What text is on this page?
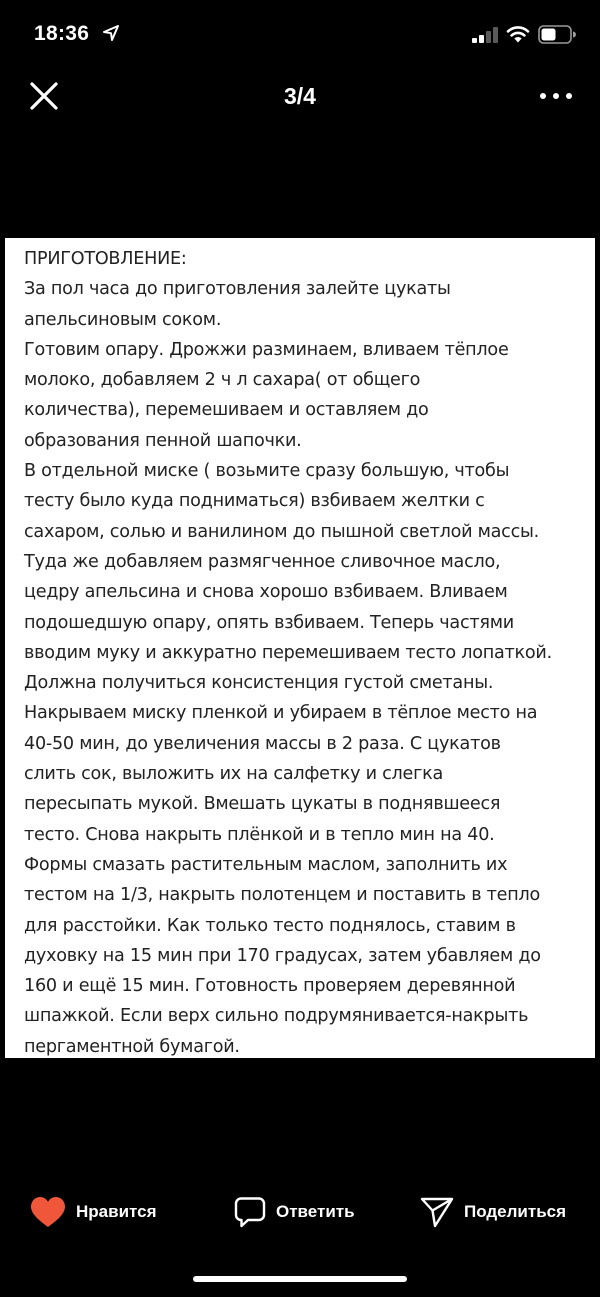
18:36
3/4
ПРИГОТОВЛЕНИЕ:
За пол часа до приготовления залейте цукаты
апельсиновым соком.
Готовим опару. Дрожжи разминаем, вливаем тёплое
молоко, добавляем 2 ч л сахара( от общего
количества), перемешиваем и оставляем до
образования пенной шапочки.
В отдельной миске ( возьмите сразу большую, чтобы
тесту было куда подниматься) взбиваем желтки с
сахаром, солью и ванилином до пышной светлой массы.
Туда же добавляем размягченное сливочное масло,
цедру апельсина и снова хорошо взбиваем. Вливаем
подошедшую опару, опять взбиваем. Теперь частями
вводим муку и аккуратно перемешиваем тесто лопаткой.
Должна получиться консистенция густой сметаны.
Накрываем миску пленкой и убираем в тёплое место на
40-50 мин, до увеличения массы в 2 раза. С цукатов
слить сок, выложить их на салфетку и слегка
пересыпать мукой. Вмешать цукаты в поднявшееся
тесто. Снова накрыть плёнкой и в тепло мин на 40.
Формы смазать растительным маслом, заполнить их
тестом на 1/3, накрыть полотенцем и поставить в тепло
для расстойки. Как только тесто поднялось, ставим в
духовку на 15 мин при 170 градусах, затем убавляем до
160 и ещё 15 мин. Готовность проверяем деревянной
шпажкой. Если верх сильно подрумянивается-накрыть
пергаментной бумагой.
Нравится	Ответить	Поделиться
